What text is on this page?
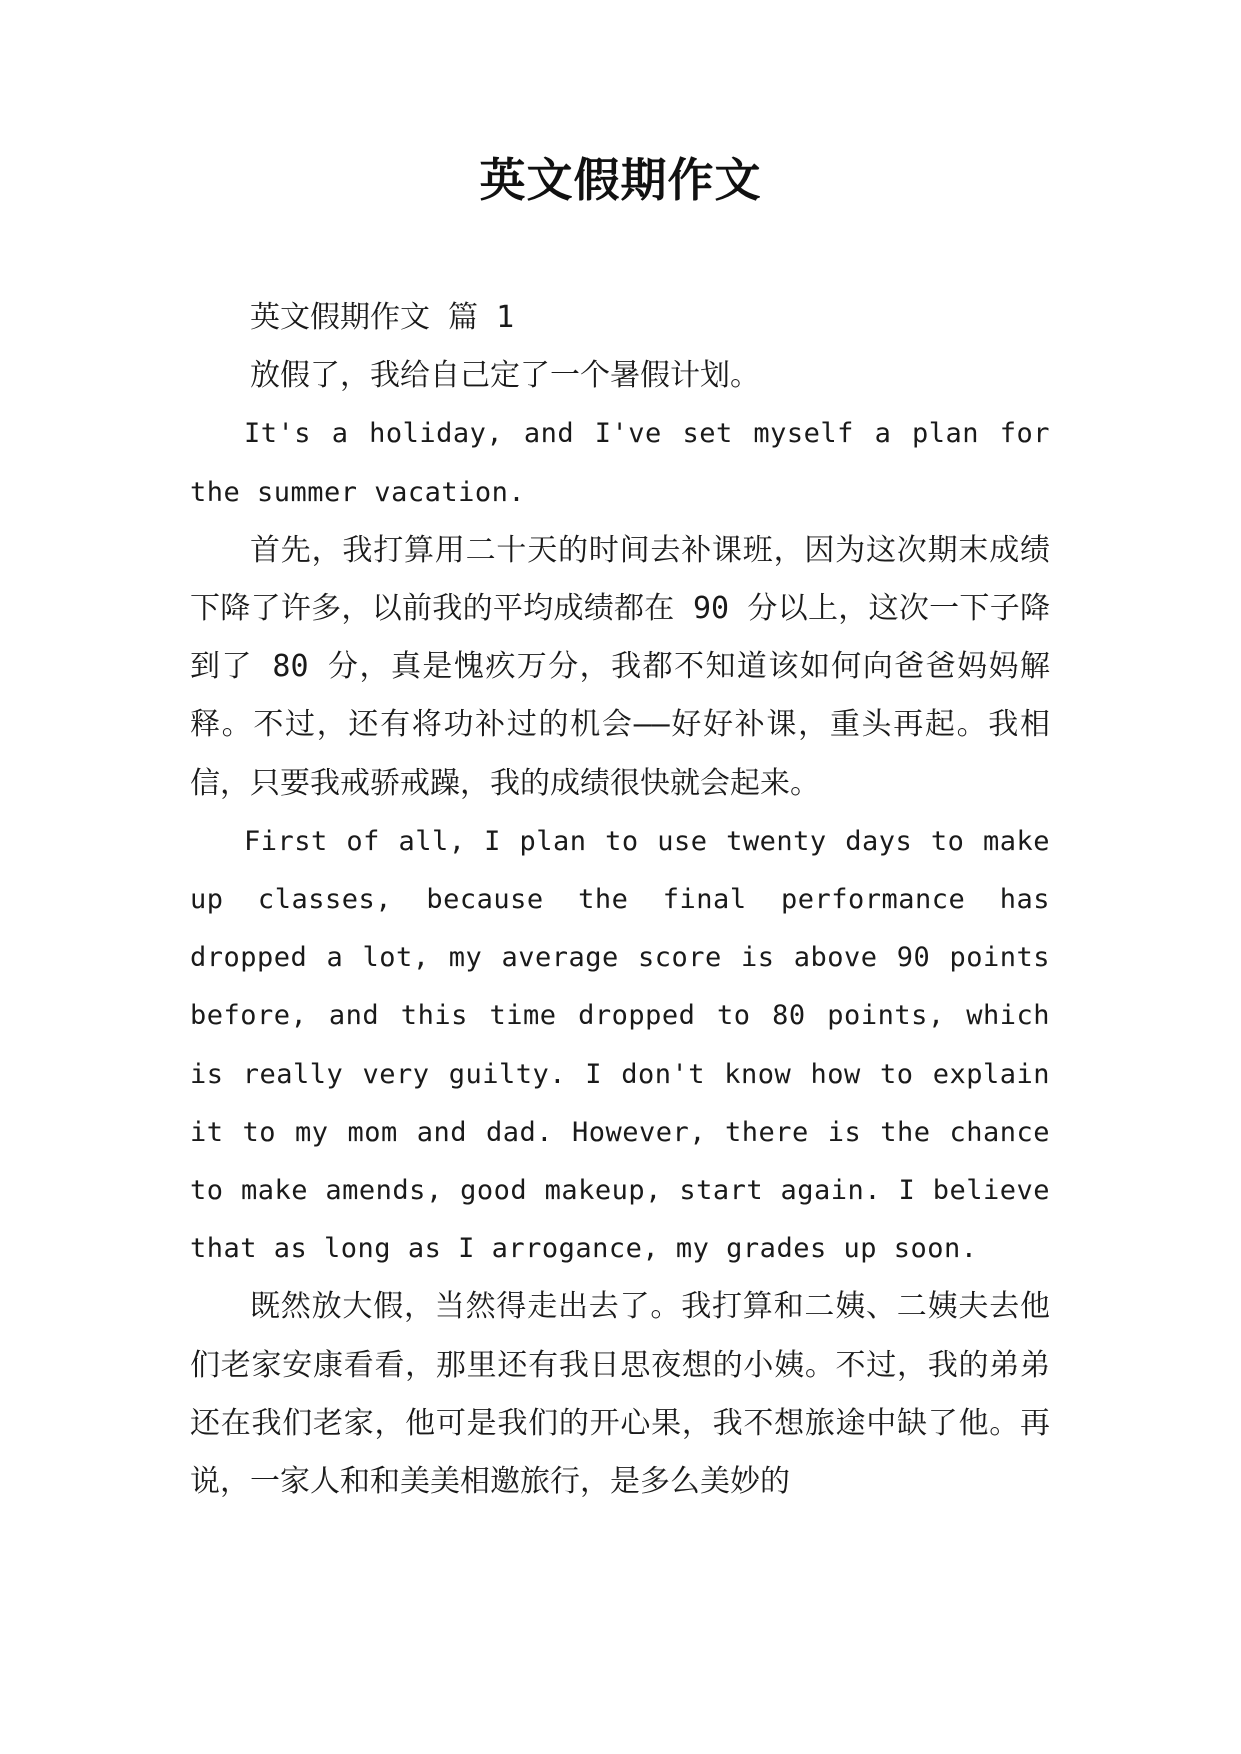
英文假期作文

英文假期作文 篇 1

放假了，我给自己定了一个暑假计划。

It's a holiday, and I've set myself a plan for the summer vacation.

首先，我打算用二十天的时间去补课班，因为这次期末成绩下降了许多，以前我的平均成绩都在 90 分以上，这次一下子降到了 80 分，真是愧疚万分，我都不知道该如何向爸爸妈妈解释。不过，还有将功补过的机会——好好补课，重头再起。我相信，只要我戒骄戒躁，我的成绩很快就会起来。

First of all, I plan to use twenty days to make up classes, because the final performance has dropped a lot, my average score is above 90 points before, and this time dropped to 80 points, which is really very guilty. I don't know how to explain it to my mom and dad. However, there is the chance to make amends, good makeup, start again. I believe that as long as I arrogance, my grades up soon.

既然放大假，当然得走出去了。我打算和二姨、二姨夫去他们老家安康看看，那里还有我日思夜想的小姨。不过，我的弟弟还在我们老家，他可是我们的开心果，我不想旅途中缺了他。再说，一家人和和美美相邀旅行，是多么美妙的
